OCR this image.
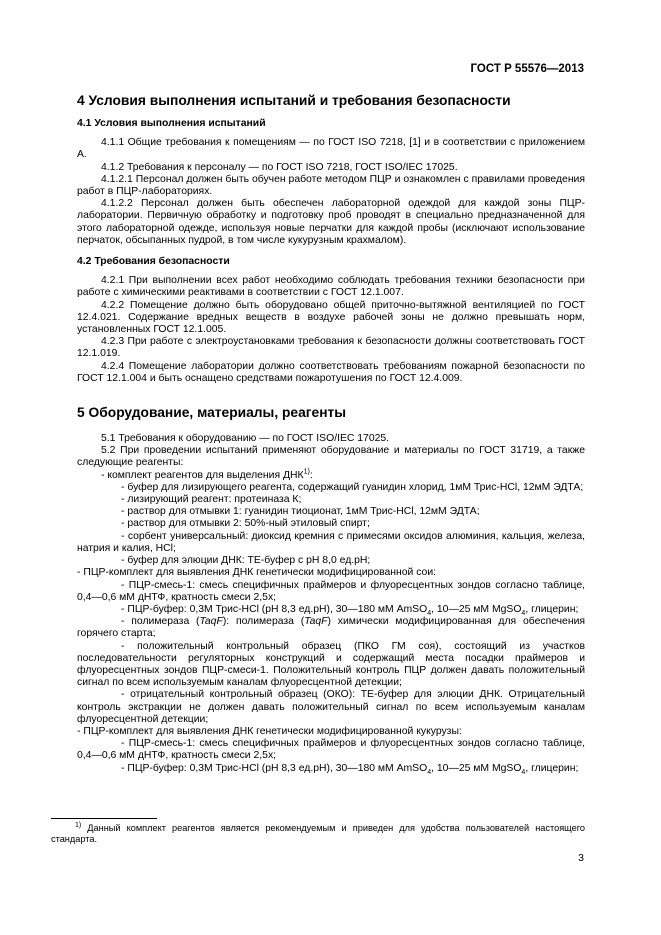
ГОСТ Р 55576—2013

4 Условия выполнения испытаний и требования безопасности

4.1 Условия выполнения испытаний

4.1.1 Общие требования к помещениям — по ГОСТ ISO 7218, [1] и в соответствии с приложением А.

4.1.2 Требования к персоналу — по ГОСТ ISO 7218, ГОСТ ISO/IEC 17025.

4.1.2.1 Персонал должен быть обучен работе методом ПЦР и ознакомлен с правилами проведения работ в ПЦР-лабораториях.

4.1.2.2 Персонал должен быть обеспечен лабораторной одеждой для каждой зоны ПЦР-лаборатории. Первичную обработку и подготовку проб проводят в специально предназначенной для этого лабораторной одежде, используя новые перчатки для каждой пробы (исключают использование перчаток, обсыпанных пудрой, в том числе кукурузным крахмалом).

4.2 Требования безопасности

4.2.1 При выполнении всех работ необходимо соблюдать требования техники безопасности при работе с химическими реактивами в соответствии с ГОСТ 12.1.007.

4.2.2 Помещение должно быть оборудовано общей приточно-вытяжной вентиляцией по ГОСТ 12.4.021. Содержание вредных веществ в воздухе рабочей зоны не должно превышать норм, установленных ГОСТ 12.1.005.

4.2.3 При работе с электроустановками требования к безопасности должны соответствовать ГОСТ 12.1.019.

4.2.4 Помещение лаборатории должно соответствовать требованиям пожарной безопасности по ГОСТ 12.1.004 и быть оснащено средствами пожаротушения по ГОСТ 12.4.009.

5 Оборудование, материалы, реагенты

5.1 Требования к оборудованию — по ГОСТ ISO/IEC 17025.

5.2 При проведении испытаний применяют оборудование и материалы по ГОСТ 31719, а также следующие реагенты:

- комплект реагентов для выделения ДНК$^{1)}$:

- буфер для лизирующего реагента, содержащий гуанидин хлорид, 1мМ Трис-HCl, 12мМ ЭДТА;

- лизирующий реагент: протеиназа К;

- раствор для отмывки 1: гуанидин тиоционат, 1мМ Трис-HCl, 12мМ ЭДТА;

- раствор для отмывки 2: 50%-ный этиловый спирт;

- сорбент универсальный: диоксид кремния с примесями оксидов алюминия, кальция, железа, натрия и калия, HCl;

- буфер для элюции ДНК: ТЕ-буфер с рН 8,0 ед.рН;

- ПЦР-комплект для выявления ДНК генетически модифицированной сои:

- ПЦР-смесь-1: смесь специфичных праймеров и флуоресцентных зондов согласно таблице, 0,4—0,6 мМ дНТФ, кратность смеси 2,5х;

- ПЦР-буфер: 0,3М Трис-HCl (рН 8,3 ед.рН), 30—180 мМ AmSO$_4$, 10—25 мМ MgSO$_4$, глицерин;

- полимераза (TaqF): полимераза (TaqF) химически модифицированная для обеспечения горячего старта;

- положительный контрольный образец (ПКО ГМ соя), состоящий из участков последовательности регуляторных конструкций и содержащий места посадки праймеров и флуоресцентных зондов ПЦР-смеси-1. Положительный контроль ПЦР должен давать положительный сигнал по всем используемым каналам флуоресцентной детекции;

- отрицательный контрольный образец (ОКО): ТЕ-буфер для элюции ДНК. Отрицательный контроль экстракции не должен давать положительный сигнал по всем используемым каналам флуоресцентной детекции;

- ПЦР-комплект для выявления ДНК генетически модифицированной кукурузы:

- ПЦР-смесь-1: смесь специфичных праймеров и флуоресцентных зондов согласно таблице, 0,4—0,6 мМ дНТФ, кратность смеси 2,5х;

- ПЦР-буфер: 0,3М Трис-HCl (рН 8,3 ед.рН), 30—180 мМ AmSO$_4$, 10—25 мМ MgSO$_4$, глицерин;

$^{1)}$ Данный комплект реагентов является рекомендуемым и приведен для удобства пользователей настоящего стандарта.

3
